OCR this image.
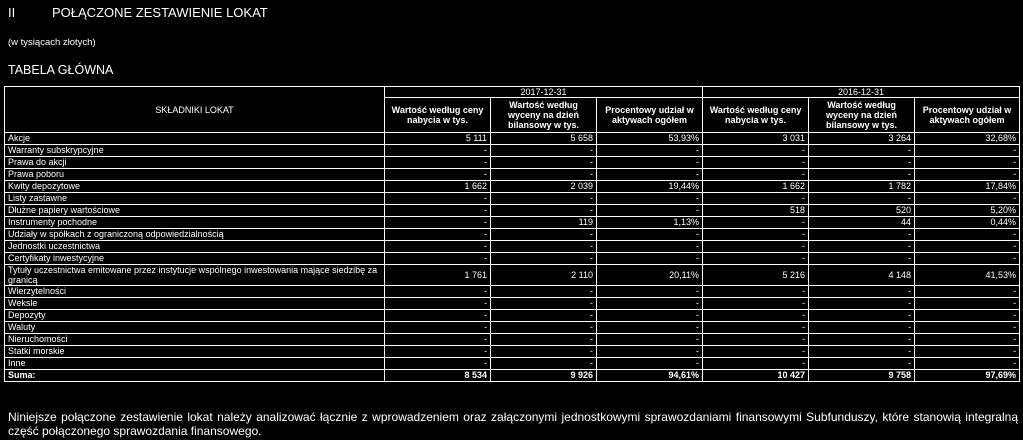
II	POŁĄCZONE ZESTAWIENIE LOKAT
(w tysiącach złotych)
TABELA GŁÓWNA
SKŁADNIKI LOKAT	2017-12-31			2016-12-31		
	Wartość według ceny nabycia w tys.	Wartość według wyceny na dzień bilansowy w tys.	Procentowy udział w aktywach ogółem	Wartość według ceny nabycia w tys.	Wartość według wyceny na dzień bilansowy w tys.	Procentowy udział w aktywach ogółem
Akcje	5 111	5 658	53,93%	3 031	3 264	32,68%
Warranty subskrypcyjne	-	-	-	-	-	-
Prawa do akcji	-	-	-	-	-	-
Prawa poboru	-	-	-	-	-	-
Kwity depozytowe	1 662	2 039	19,44%	1 662	1 782	17,84%
Listy zastawne	-	-	-	-	-	-
Dłużne papiery wartościowe	-	-	-	518	520	5,20%
Instrumenty pochodne	-	119	1,13%	-	44	0,44%
Udziały w spółkach z ograniczoną odpowiedzialnością	-	-	-	-	-	-
Jednostki uczestnictwa	-	-	-	-	-	-
Certyfikaty inwestycyjne	-	-	-	-	-	-
Tytuły uczestnictwa emitowane przez instytucje wspólnego inwestowania mające siedzibę za granicą	1 761	2 110	20,11%	5 216	4 148	41,53%
Wierzytelności	-	-	-	-	-	-
Weksle	-	-	-	-	-	-
Depozyty	-	-	-	-	-	-
Waluty	-	-	-	-	-	-
Nieruchomości	-	-	-	-	-	-
Statki morskie	-	-	-	-	-	-
Inne	-	-	-	-	-	-
Suma:	8 534	9 926	94,61%	10 427	9 758	97,69%
Niniejsze połączone zestawienie lokat należy analizować łącznie z wprowadzeniem oraz załączonymi jednostkowymi sprawozdaniami finansowymi Subfunduszy, które stanowią integralną część połączonego sprawozdania finansowego.
